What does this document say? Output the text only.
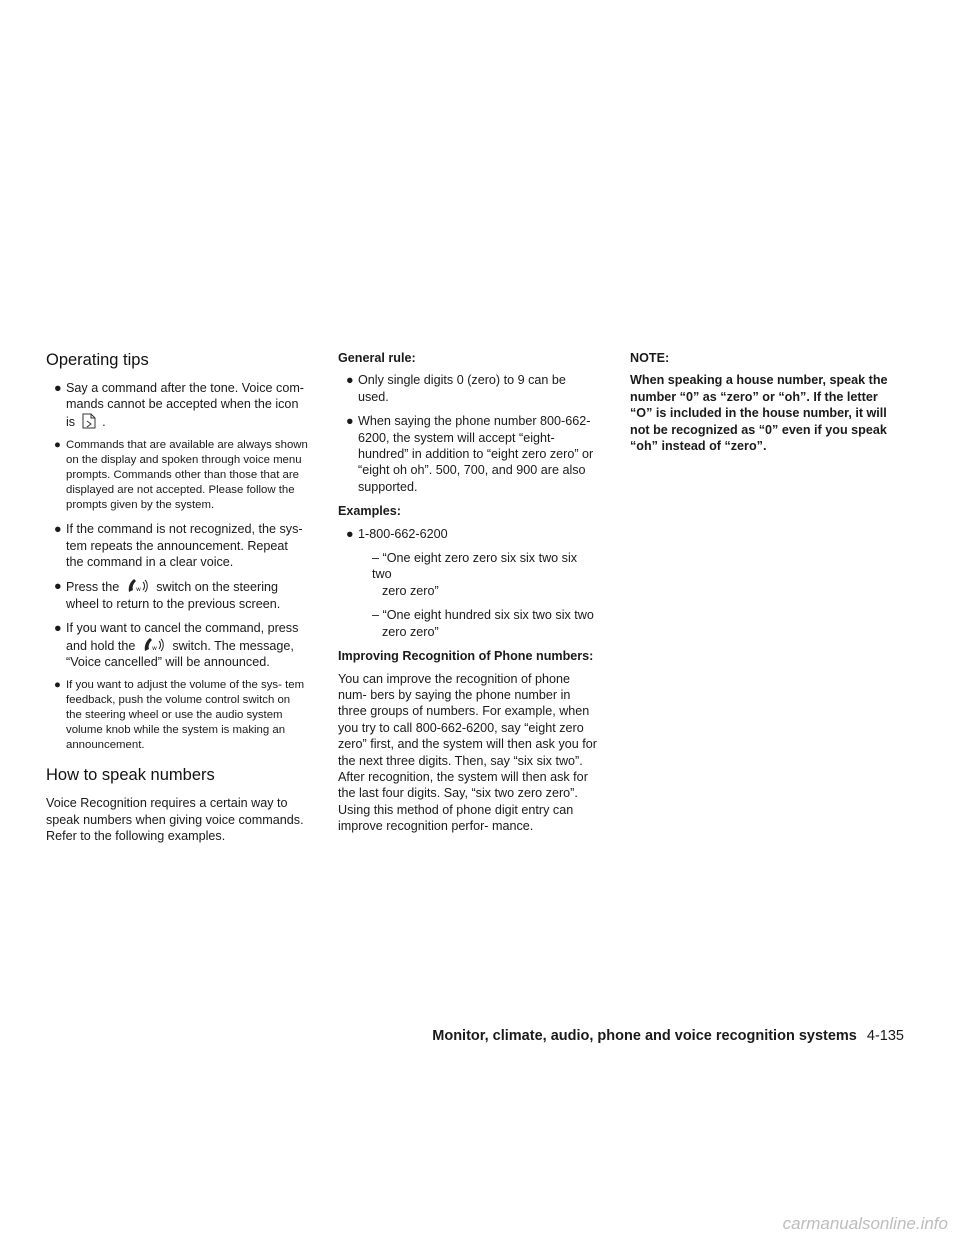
Operating tips
● Say a command after the tone. Voice com-
mands cannot be accepted when the icon
is .
● Commands that are available are always shown on the display and spoken through voice menu prompts. Commands other than those that are displayed are not accepted. Please follow the prompts given by the system.
● If the command is not recognized, the sys- tem repeats the announcement. Repeat the command in a clear voice.
● Press the	w switch on the steering
wheel to return to the previous screen.
● If you want to cancel the command, press
and hold the	w switch. The message,
“Voice cancelled” will be announced.
● If you want to adjust the volume of the sys- tem feedback, push the volume control switch on the steering wheel or use the audio system volume knob while the system is making an announcement.
How to speak numbers

Voice Recognition requires a certain way to speak numbers when giving voice commands. Refer to the following examples.

General rule:
● Only single digits 0 (zero) to 9 can be used.
● When saying the phone number 800-662- 6200, the system will accept “eight- hundred” in addition to “eight zero zero” or “eight oh oh”. 500, 700, and 900 are also supported.
Examples:
● 1-800-662-6200
– “One eight zero zero six six two six two
zero zero”
– “One eight hundred six six two six two
zero zero”
Improving Recognition of Phone numbers:

You can improve the recognition of phone num- bers by saying the phone number in three groups of numbers. For example, when you try to call 800-662-6200, say “eight zero zero” first, and the system will then ask you for the next three digits. Then, say “six six two”. After recognition, the system will then ask for the last four digits. Say, “six two zero zero”. Using this method of phone digit entry can improve recognition perfor- mance.

NOTE:

When speaking a house number, speak the number “0” as “zero” or “oh”. If the letter “O” is included in the house number, it will not be recognized as “0” even if you speak “oh” instead of “zero”.

Monitor, climate, audio, phone and voice recognition systems 4-135
carmanualsonline.info
